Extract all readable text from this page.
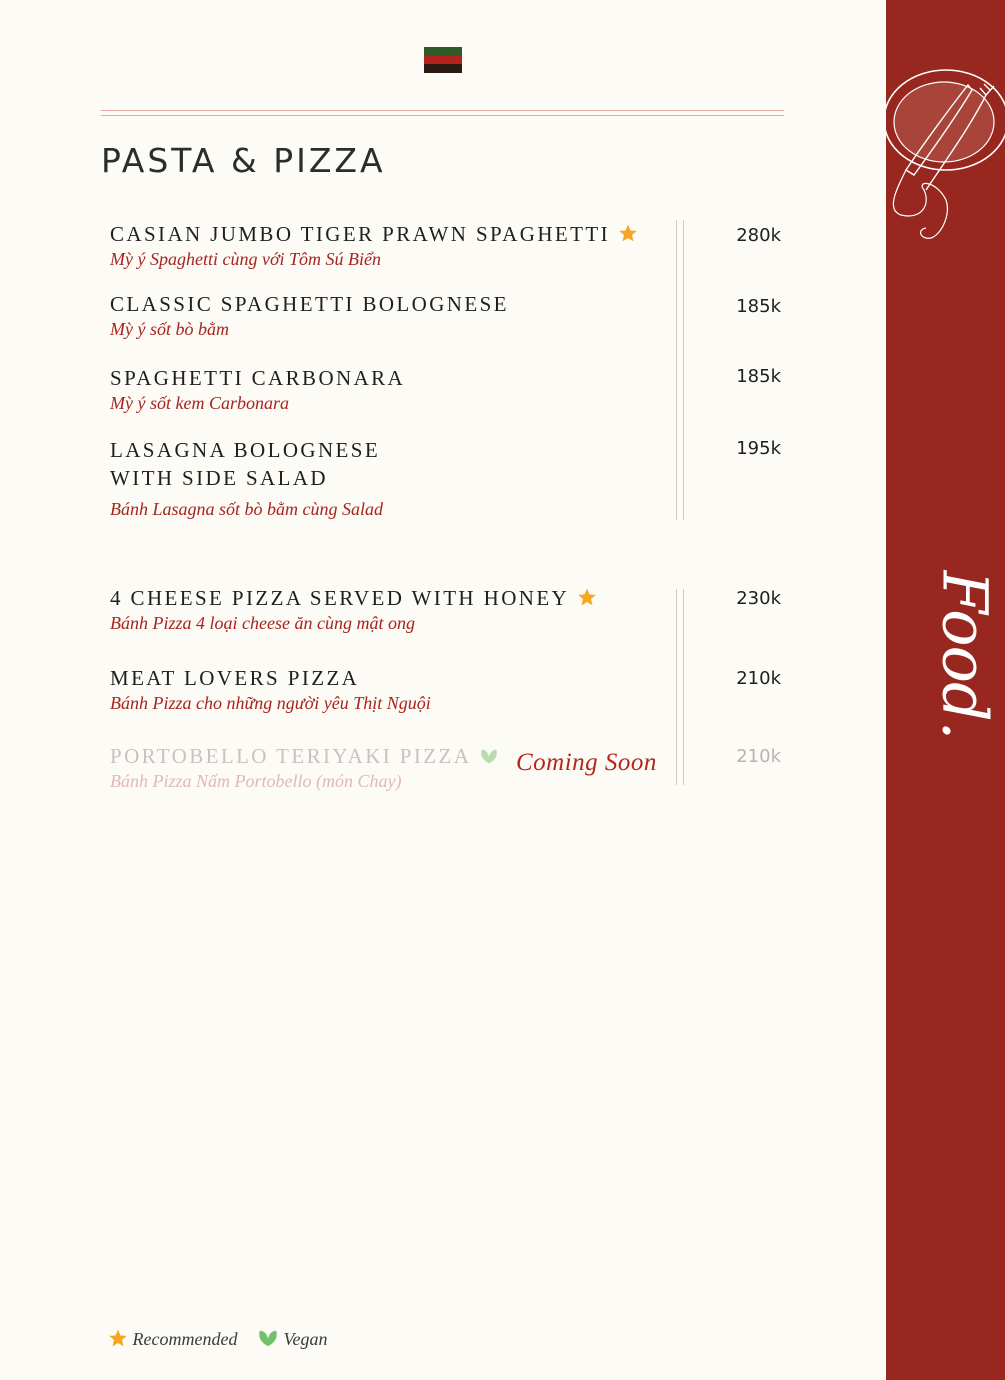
Food.
PASTA & PIZZA
CASIAN JUMBO TIGER PRAWN SPAGHETTI
Mỳ ý Spaghetti cùng với Tôm Sú Biển
280k
CLASSIC SPAGHETTI BOLOGNESE
Mỳ ý sốt bò bằm
185k
SPAGHETTI CARBONARA
Mỳ ý sốt kem Carbonara
185k
LASAGNA BOLOGNESE
WITH SIDE SALAD
Bánh Lasagna sốt bò bằm cùng Salad
195k
4 CHEESE PIZZA SERVED WITH HONEY
Bánh Pizza 4 loại cheese ăn cùng mật ong
230k
MEAT LOVERS PIZZA
Bánh Pizza cho những người yêu Thịt Nguội
210k
PORTOBELLO TERIYAKI PIZZA
Bánh Pizza Nấm Portobello (món Chay)
Coming Soon	210k
Recommended	Vegan
